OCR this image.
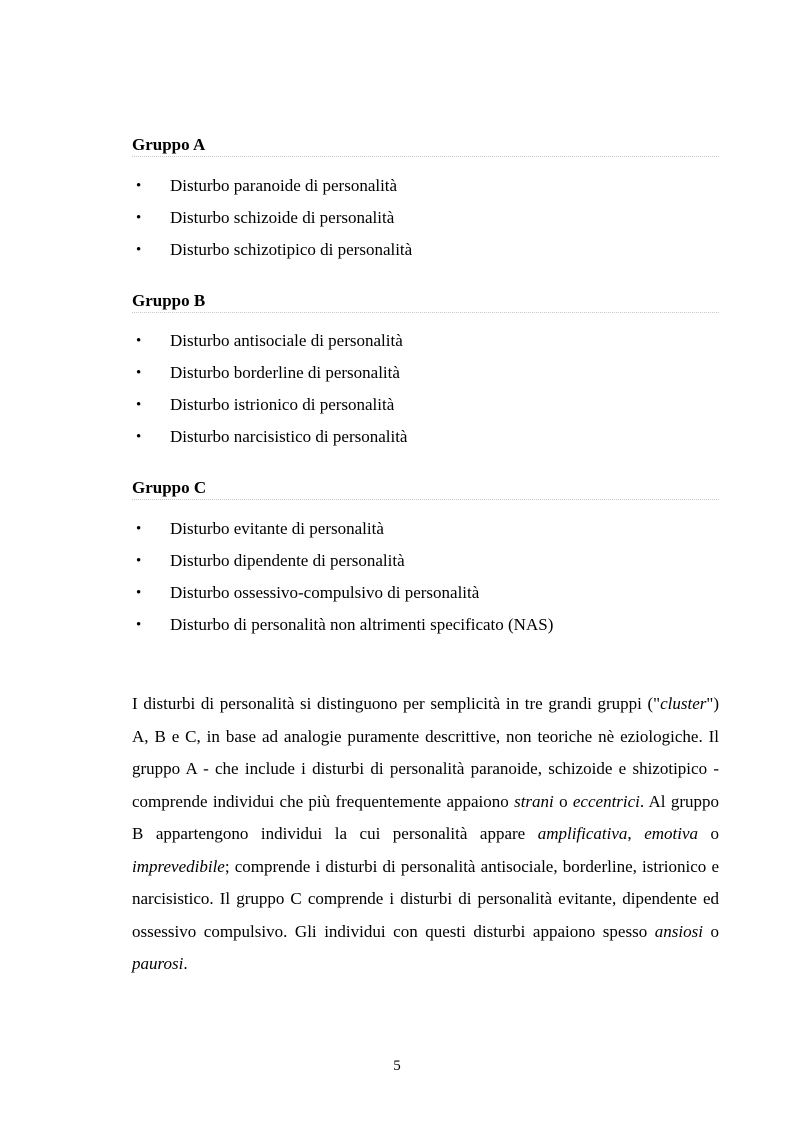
Gruppo A
• Disturbo paranoide di personalità
• Disturbo schizoide di personalità
• Disturbo schizotipico di personalità
Gruppo B
• Disturbo antisociale di personalità
• Disturbo borderline di personalità
• Disturbo istrionico di personalità
• Disturbo narcisistico di personalità
Gruppo C
• Disturbo evitante di personalità
• Disturbo dipendente di personalità
• Disturbo ossessivo-compulsivo di personalità
• Disturbo di personalità non altrimenti specificato (NAS)

I disturbi di personalità si distinguono per semplicità in tre grandi gruppi ("cluster") A, B e C, in base ad analogie puramente descrittive, non teoriche nè eziologiche. Il gruppo A - che include i disturbi di personalità paranoide, schizoide e shizotipico - comprende individui che più frequentemente appaiono strani o eccentrici. Al gruppo B appartengono individui la cui personalità appare amplificativa, emotiva o imprevedibile; comprende i disturbi di personalità antisociale, borderline, istrionico e narcisistico. Il gruppo C comprende i disturbi di personalità evitante, dipendente ed ossessivo compulsivo. Gli individui con questi disturbi appaiono spesso ansiosi o paurosi.

5
